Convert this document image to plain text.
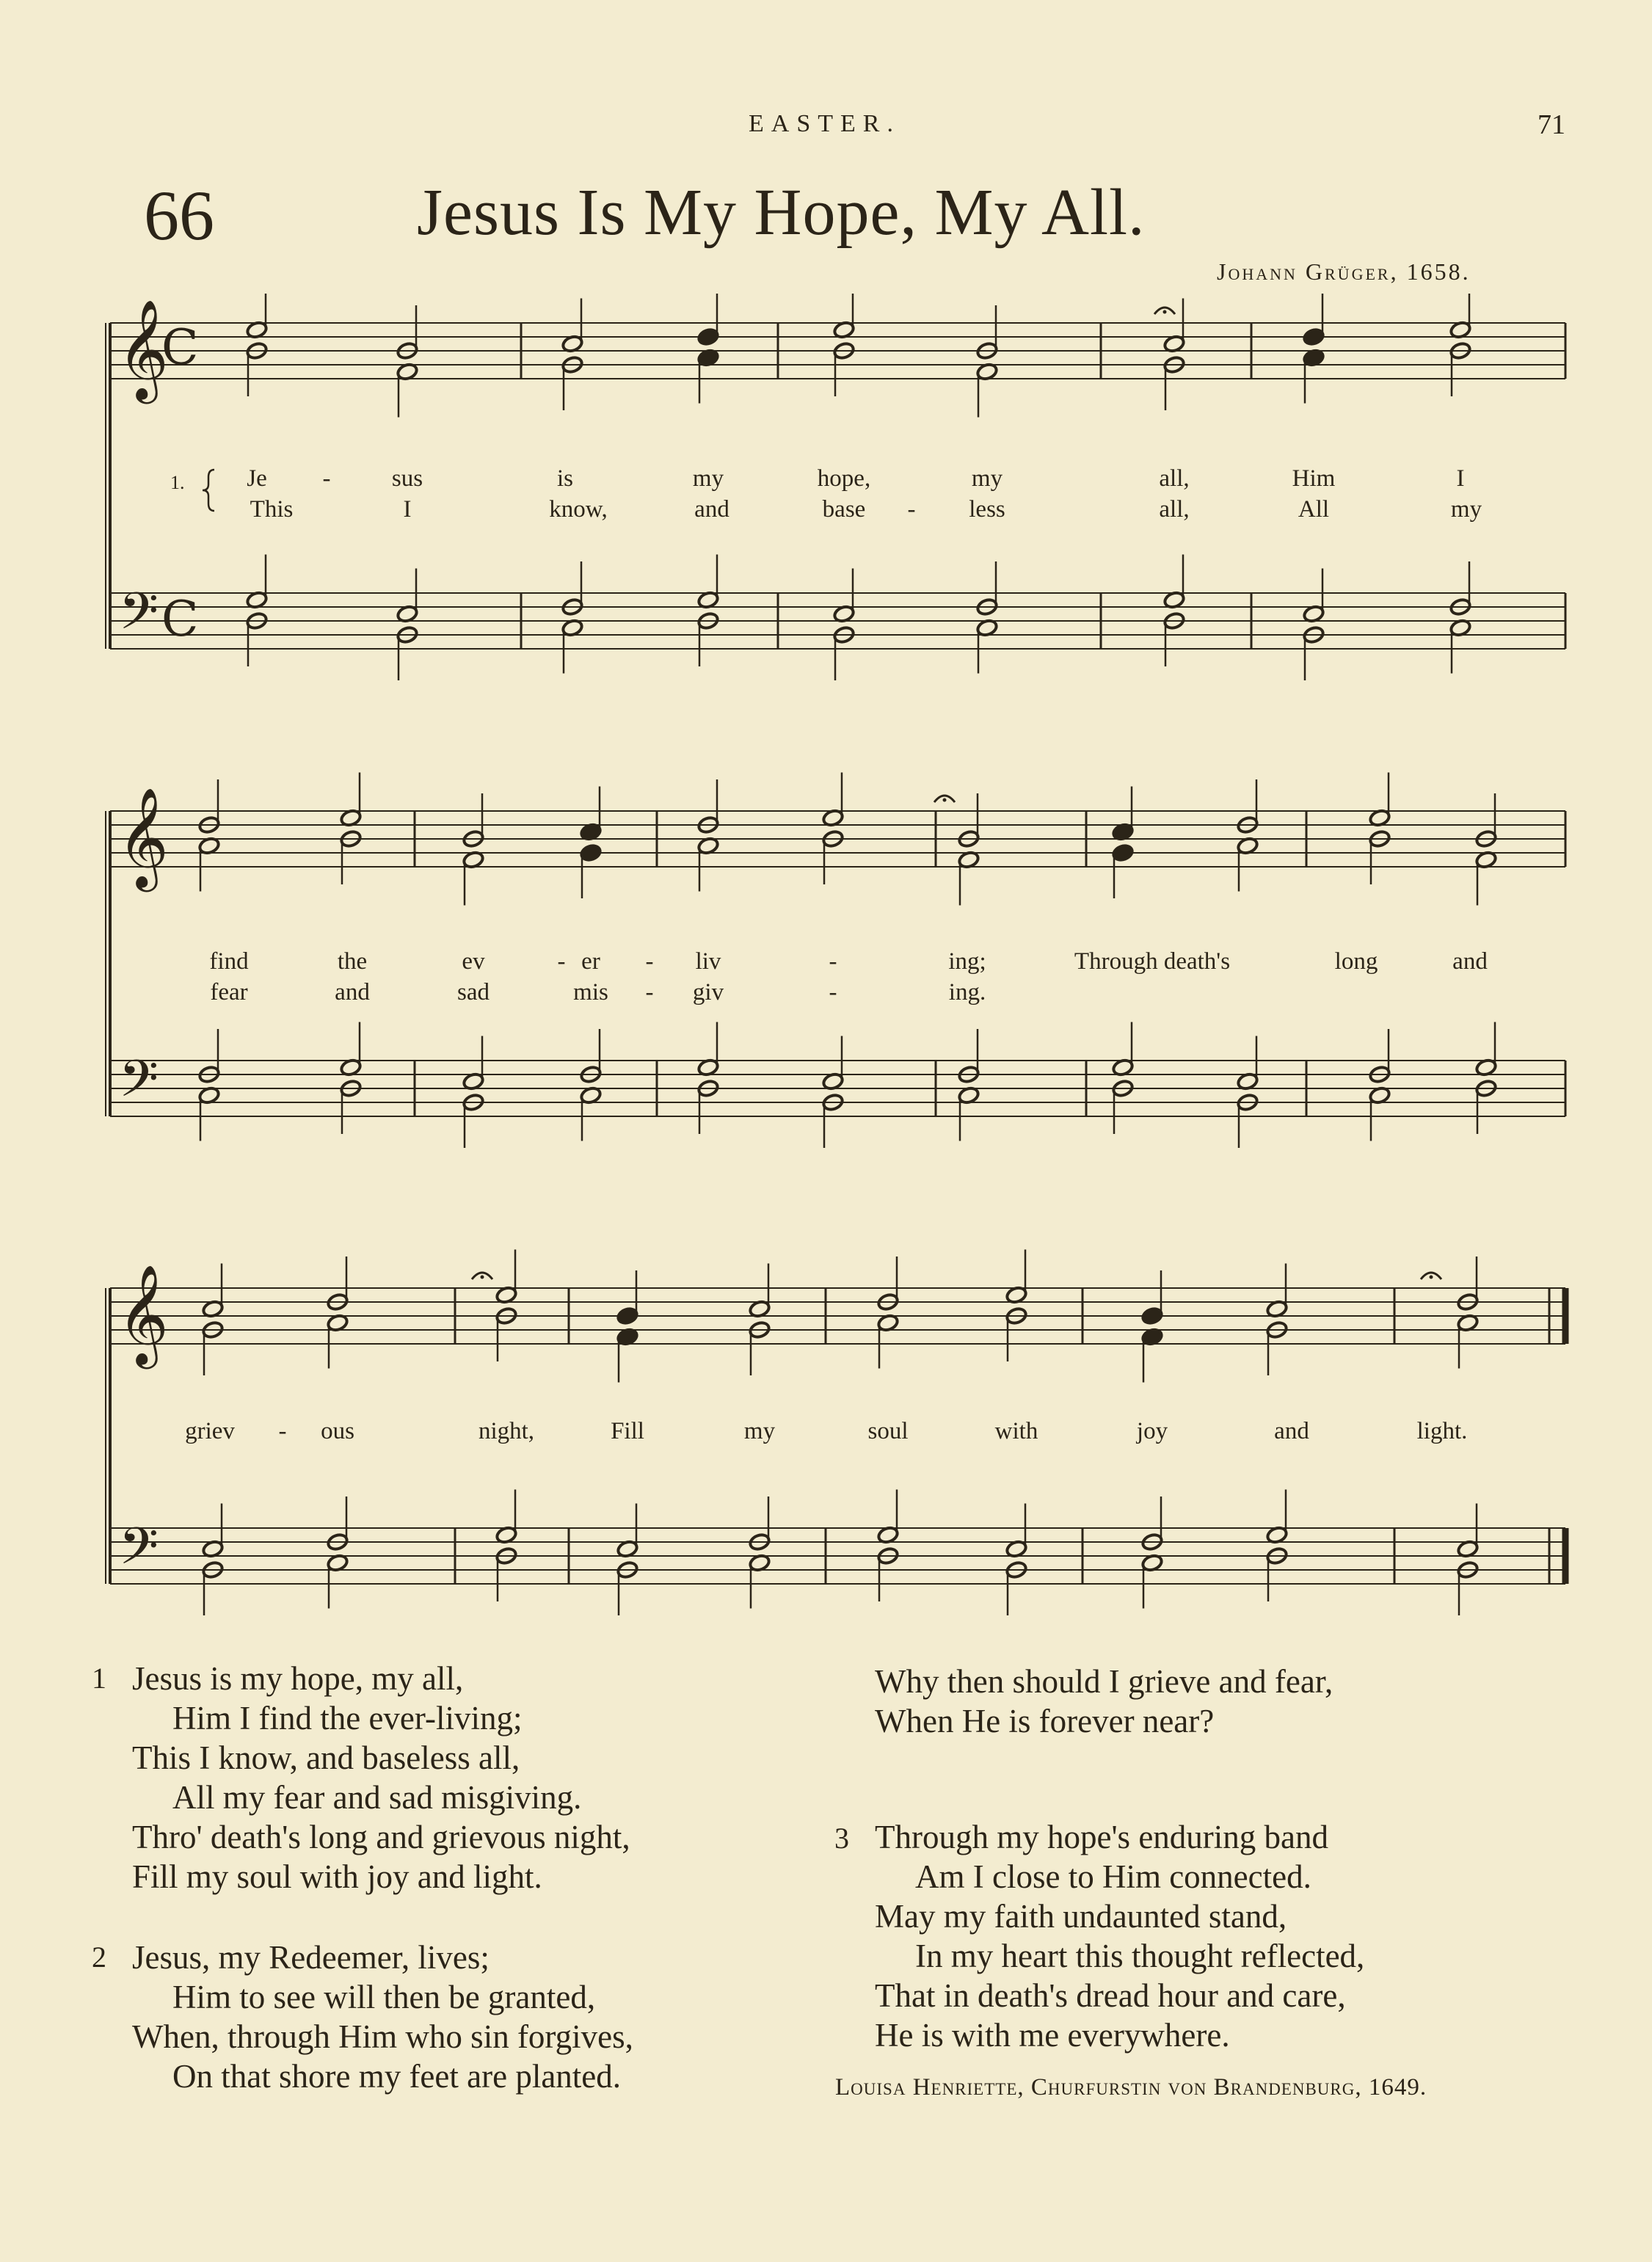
EASTER.	71
66	Jesus Is My Hope, My All.
Johann Grüger, 1658.
𝄞
𝄢
C
C
𝄞
𝄢
𝄞
𝄢
1.	Je -	sus	is	my	hope,	my	all,	Him	I
This	I	know,	and	base - less	all,	All	my
find	the	ev	- er - liv	-	ing;	Through death's	long	and
fear	and	sad	mis - giv	-	ing.
griev - ous	night,	Fill	my	soul	with	joy	and	light.
1 Jesus is my hope, my all,
Him I find the ever-living;
This I know, and baseless all,
All my fear and sad misgiving.
Thro' death's long and grievous night,
Fill my soul with joy and light.
2 Jesus, my Redeemer, lives;
Him to see will then be granted,
When, through Him who sin forgives,
On that shore my feet are planted.
Why then should I grieve and fear,
When He is forever near?
3 Through my hope's enduring band
Am I close to Him connected.
May my faith undaunted stand,
In my heart this thought reflected,
That in death's dread hour and care,
He is with me everywhere.
Louisa Henriette, Churfurstin von Brandenburg, 1649.
